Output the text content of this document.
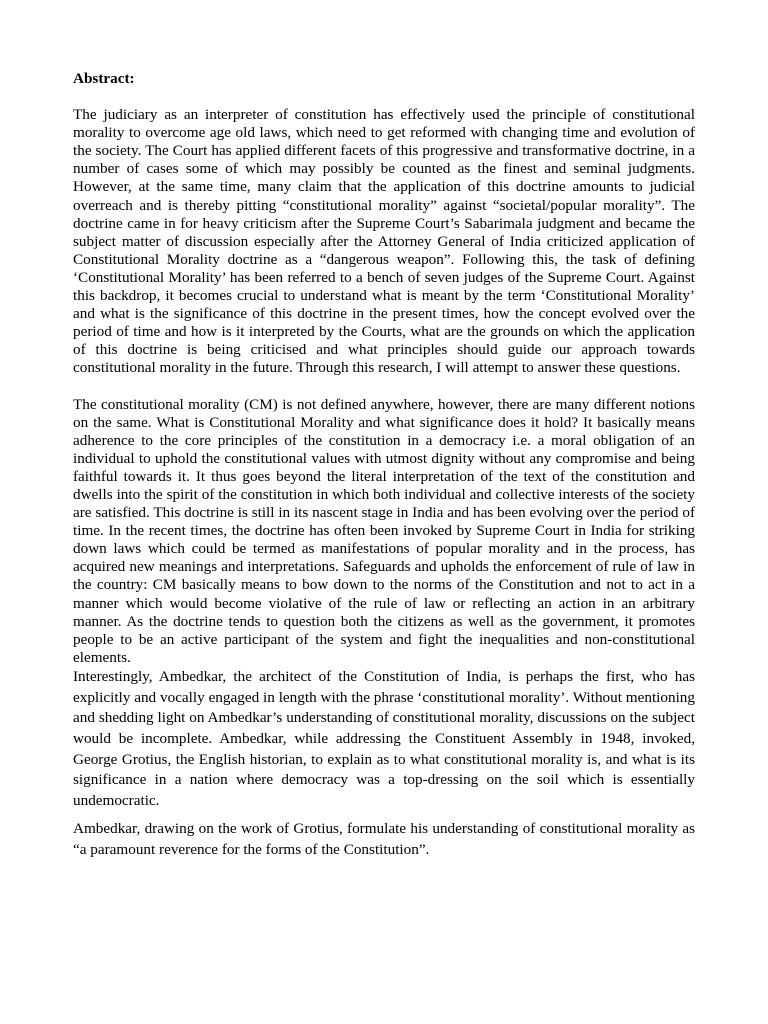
Abstract:

The judiciary as an interpreter of constitution has effectively used the principle of constitutional morality to overcome age old laws, which need to get reformed with changing time and evolution of the society. The Court has applied different facets of this progressive and transformative doctrine, in a number of cases some of which may possibly be counted as the finest and seminal judgments. However, at the same time, many claim that the application of this doctrine amounts to judicial overreach and is thereby pitting “constitutional morality” against “societal/popular morality”. The doctrine came in for heavy criticism after the Supreme Court’s Sabarimala judgment and became the subject matter of discussion especially after the Attorney General of India criticized application of Constitutional Morality doctrine as a “dangerous weapon”. Following this, the task of defining ‘Constitutional Morality’ has been referred to a bench of seven judges of the Supreme Court. Against this backdrop, it becomes crucial to understand what is meant by the term ‘Constitutional Morality’ and what is the significance of this doctrine in the present times, how the concept evolved over the period of time and how is it interpreted by the Courts, what are the grounds on which the application of this doctrine is being criticised and what principles should guide our approach towards constitutional morality in the future. Through this research, I will attempt to answer these questions.

The constitutional morality (CM) is not defined anywhere, however, there are many different notions on the same. What is Constitutional Morality and what significance does it hold? It basically means adherence to the core principles of the constitution in a democracy i.e. a moral obligation of an individual to uphold the constitutional values with utmost dignity without any compromise and being faithful towards it. It thus goes beyond the literal interpretation of the text of the constitution and dwells into the spirit of the constitution in which both individual and collective interests of the society are satisfied. This doctrine is still in its nascent stage in India and has been evolving over the period of time. In the recent times, the doctrine has often been invoked by Supreme Court in India for striking down laws which could be termed as manifestations of popular morality and in the process, has acquired new meanings and interpretations. Safeguards and upholds the enforcement of rule of law in the country: CM basically means to bow down to the norms of the Constitution and not to act in a manner which would become violative of the rule of law or reflecting an action in an arbitrary manner. As the doctrine tends to question both the citizens as well as the government, it promotes people to be an active participant of the system and fight the inequalities and non-constitutional elements.

Interestingly, Ambedkar, the architect of the Constitution of India, is perhaps the first, who has explicitly and vocally engaged in length with the phrase ‘constitutional morality’. Without mentioning and shedding light on Ambedkar’s understanding of constitutional morality, discussions on the subject would be incomplete. Ambedkar, while addressing the Constituent Assembly in 1948, invoked, George Grotius, the English historian, to explain as to what constitutional morality is, and what is its significance in a nation where democracy was a top-dressing on the soil which is essentially undemocratic.

Ambedkar, drawing on the work of Grotius, formulate his understanding of constitutional morality as “a paramount reverence for the forms of the Constitution”.
